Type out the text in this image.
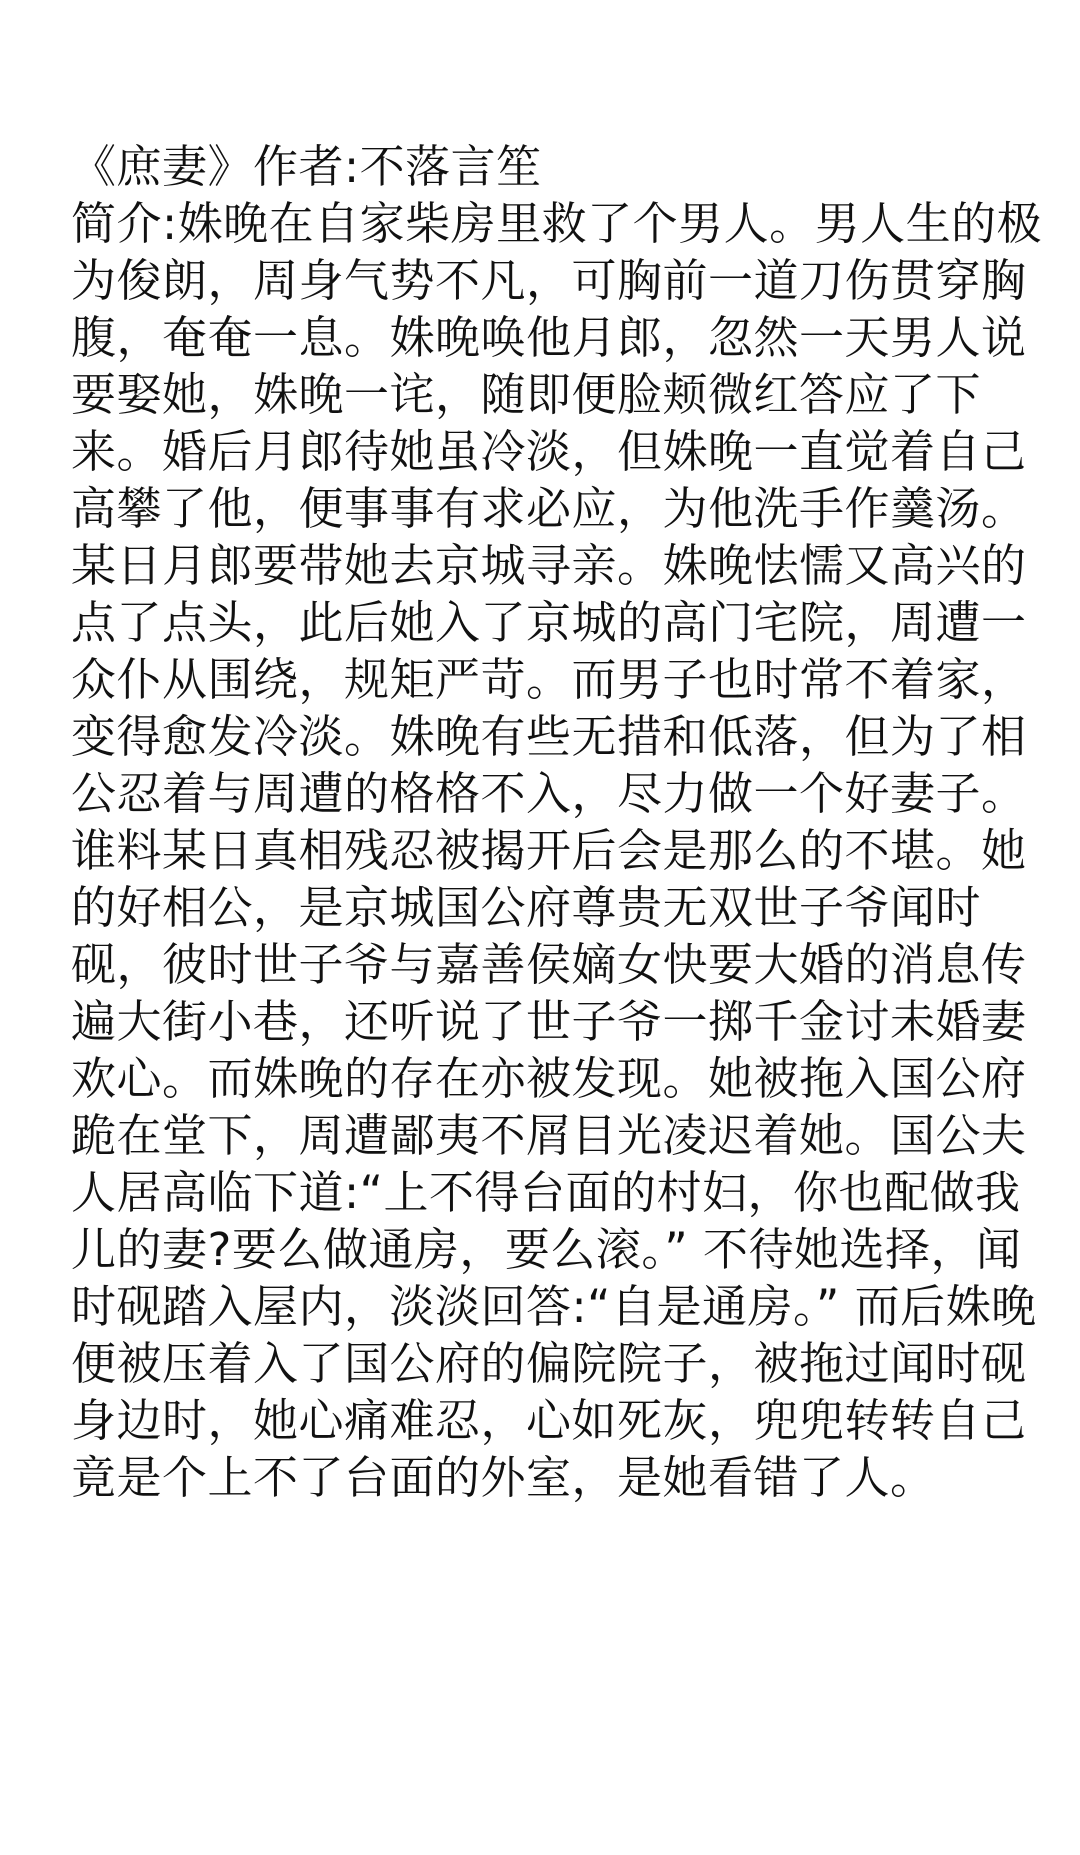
《庶妻》作者:不落言笙
简介:姝晚在自家柴房里救了个男人。男人生的极
为俊朗，周身气势不凡，可胸前一道刀伤贯穿胸
腹，奄奄一息。姝晚唤他月郎，忽然一天男人说
要娶她，姝晚一诧，随即便脸颊微红答应了下
来。婚后月郎待她虽冷淡，但姝晚一直觉着自己
高攀了他，便事事有求必应，为他洗手作羹汤。
某日月郎要带她去京城寻亲。姝晚怯懦又高兴的
点了点头，此后她入了京城的高门宅院，周遭一
众仆从围绕，规矩严苛。而男子也时常不着家，
变得愈发冷淡。姝晚有些无措和低落，但为了相
公忍着与周遭的格格不入，尽力做一个好妻子。
谁料某日真相残忍被揭开后会是那么的不堪。她
的好相公，是京城国公府尊贵无双世子爷闻时
砚，彼时世子爷与嘉善侯嫡女快要大婚的消息传
遍大街小巷，还听说了世子爷一掷千金讨未婚妻
欢心。而姝晚的存在亦被发现。她被拖入国公府
跪在堂下，周遭鄙夷不屑目光凌迟着她。国公夫
人居高临下道:“上不得台面的村妇，你也配做我
儿的妻?要么做通房，要么滚。” 不待她选择，闻
时砚踏入屋内，淡淡回答:“自是通房。” 而后姝晚
便被压着入了国公府的偏院院子，被拖过闻时砚
身边时，她心痛难忍，心如死灰，兜兜转转自己
竟是个上不了台面的外室，是她看错了人。
